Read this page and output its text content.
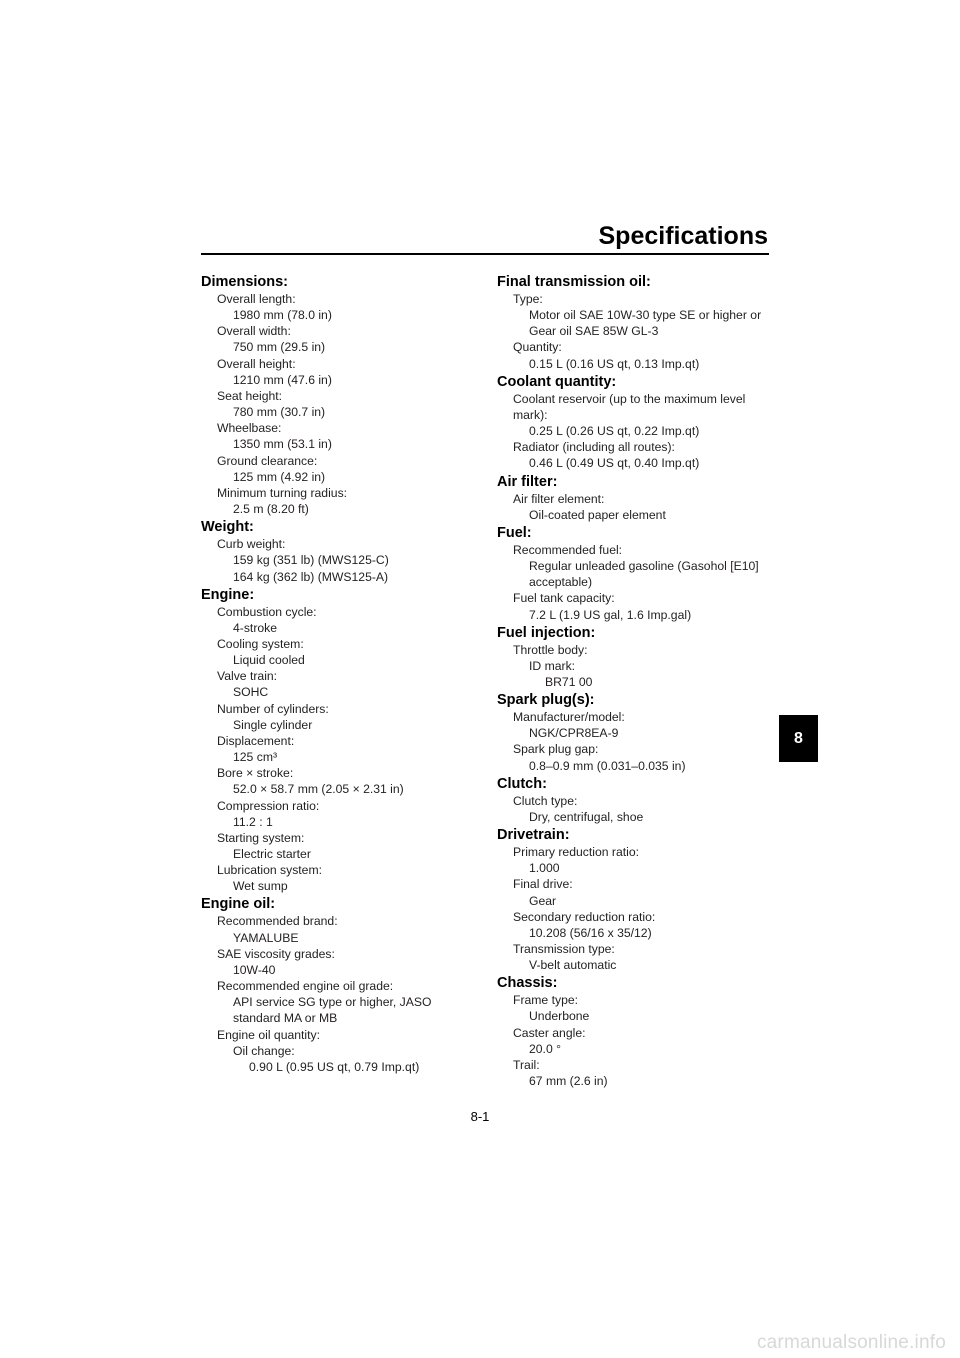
Specifications
Dimensions:
Overall length:
1980 mm (78.0 in)
Overall width:
750 mm (29.5 in)
Overall height:
1210 mm (47.6 in)
Seat height:
780 mm (30.7 in)
Wheelbase:
1350 mm (53.1 in)
Ground clearance:
125 mm (4.92 in)
Minimum turning radius:
2.5 m (8.20 ft)
Weight:
Curb weight:
159 kg (351 lb) (MWS125-C)
164 kg (362 lb) (MWS125-A)
Engine:
Combustion cycle:
4-stroke
Cooling system:
Liquid cooled
Valve train:
SOHC
Number of cylinders:
Single cylinder
Displacement:
125 cm³
Bore × stroke:
52.0 × 58.7 mm (2.05 × 2.31 in)
Compression ratio:
11.2 : 1
Starting system:
Electric starter
Lubrication system:
Wet sump
Engine oil:
Recommended brand:
YAMALUBE
SAE viscosity grades:
10W-40
Recommended engine oil grade:
API service SG type or higher, JASO
standard MA or MB
Engine oil quantity:
Oil change:
0.90 L (0.95 US qt, 0.79 Imp.qt)
Final transmission oil:
Type:
Motor oil SAE 10W-30 type SE or higher or
Gear oil SAE 85W GL-3
Quantity:
0.15 L (0.16 US qt, 0.13 Imp.qt)
Coolant quantity:
Coolant reservoir (up to the maximum level
mark):
0.25 L (0.26 US qt, 0.22 Imp.qt)
Radiator (including all routes):
0.46 L (0.49 US qt, 0.40 Imp.qt)
Air filter:
Air filter element:
Oil-coated paper element
Fuel:
Recommended fuel:
Regular unleaded gasoline (Gasohol [E10]
acceptable)
Fuel tank capacity:
7.2 L (1.9 US gal, 1.6 Imp.gal)
Fuel injection:
Throttle body:
ID mark:
BR71 00
Spark plug(s):
Manufacturer/model:
NGK/CPR8EA-9
Spark plug gap:
0.8–0.9 mm (0.031–0.035 in)
Clutch:
Clutch type:
Dry, centrifugal, shoe
Drivetrain:
Primary reduction ratio:
1.000
Final drive:
Gear
Secondary reduction ratio:
10.208 (56/16 x 35/12)
Transmission type:
V-belt automatic
Chassis:
Frame type:
Underbone
Caster angle:
20.0 °
Trail:
67 mm (2.6 in)
8
8-1
carmanualsonline.info
